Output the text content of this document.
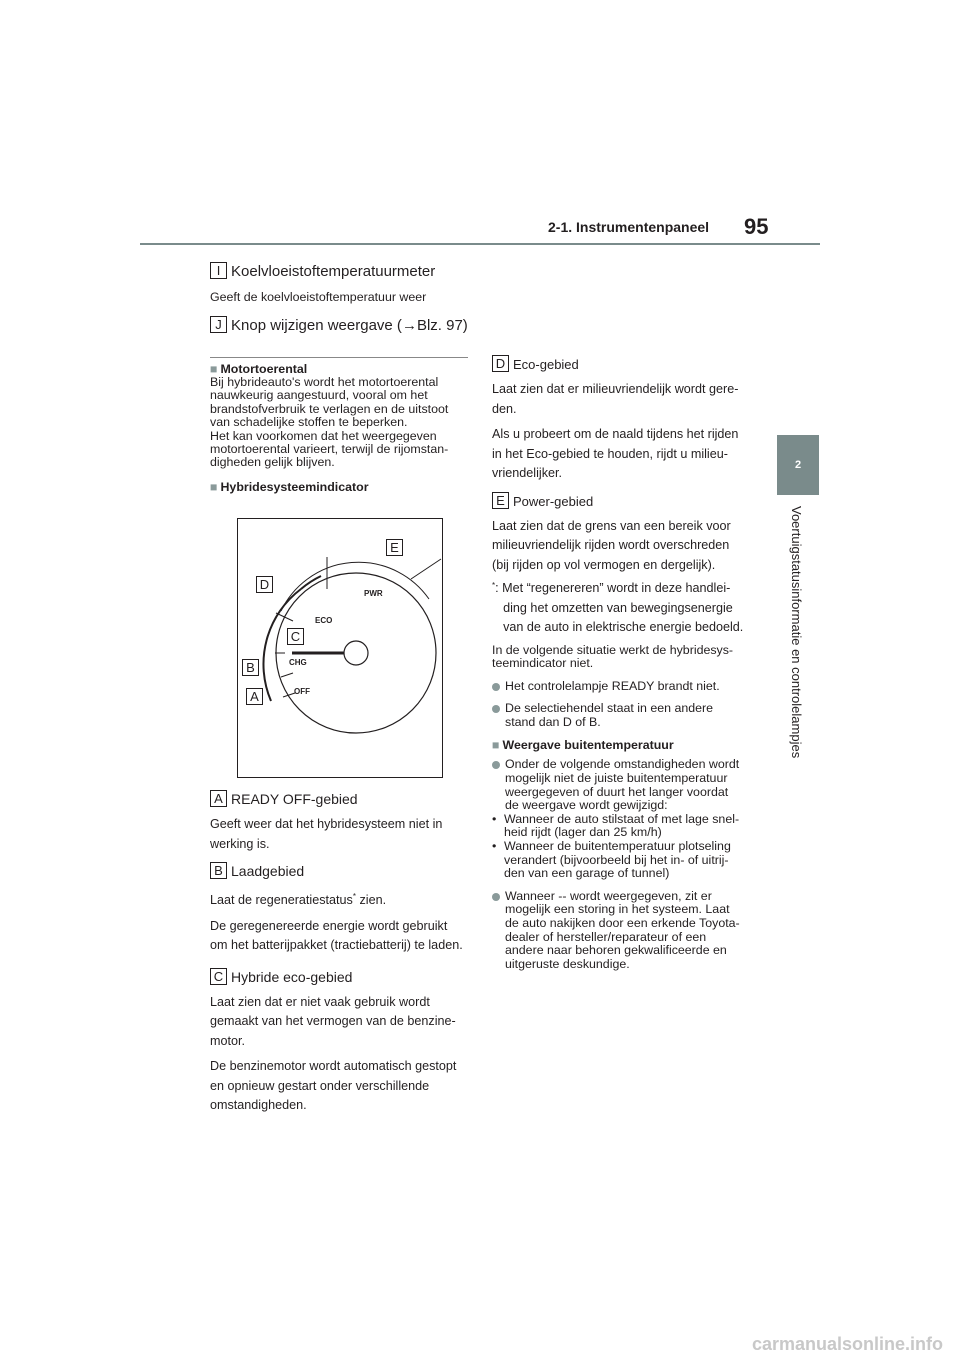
2-1. Instrumentenpaneel 95
2
Voertuigstatusinformatie en controlelampjes
I Koelvloeistoftemperatuurmeter
Geeft de koelvloeistoftemperatuur weer
J Knop wijzigen weergave (→Blz. 97)
■ Motortoerental
Bij hybrideauto's wordt het motortoerental
nauwkeurig aangestuurd, vooral om het
brandstofverbruik te verlagen en de uitstoot
van schadelijke stoffen te beperken.
Het kan voorkomen dat het weergegeven
motortoerental varieert, terwijl de rijomstan-
digheden gelijk blijven.
■ Hybridesysteemindicator
D
E
C
B
A
PWR
ECO
CHG
OFF
A READY OFF-gebied
Geeft weer dat het hybridesysteem niet in
werking is.
B Laadgebied
Laat de regeneratiestatus* zien.
De geregenereerde energie wordt gebruikt
om het batterijpakket (tractiebatterij) te laden.
C Hybride eco-gebied
Laat zien dat er niet vaak gebruik wordt
gemaakt van het vermogen van de benzine-
motor.
De benzinemotor wordt automatisch gestopt
en opnieuw gestart onder verschillende
omstandigheden.
D Eco-gebied
Laat zien dat er milieuvriendelijk wordt gere-
den.
Als u probeert om de naald tijdens het rijden
in het Eco-gebied te houden, rijdt u milieu-
vriendelijker.
E Power-gebied
Laat zien dat de grens van een bereik voor
milieuvriendelijk rijden wordt overschreden
(bij rijden op vol vermogen en dergelijk).
* : Met “regenereren” wordt in deze handlei-
ding het omzetten van bewegingsenergie
van de auto in elektrische energie bedoeld.
In de volgende situatie werkt de hybridesys-
teemindicator niet.
Het controlelampje READY brandt niet.
De selectiehendel staat in een andere
stand dan D of B.
■ Weergave buitentemperatuur
Onder de volgende omstandigheden wordt
mogelijk niet de juiste buitentemperatuur
weergegeven of duurt het langer voordat
de weergave wordt gewijzigd:
• Wanneer de auto stilstaat of met lage snel-
heid rijdt (lager dan 25 km/h)
• Wanneer de buitentemperatuur plotseling
verandert (bijvoorbeeld bij het in- of uitrij-
den van een garage of tunnel)
Wanneer -- wordt weergegeven, zit er
mogelijk een storing in het systeem. Laat
de auto nakijken door een erkende Toyota-
dealer of hersteller/reparateur of een
andere naar behoren gekwalificeerde en
uitgeruste deskundige.
carmanualsonline.info
